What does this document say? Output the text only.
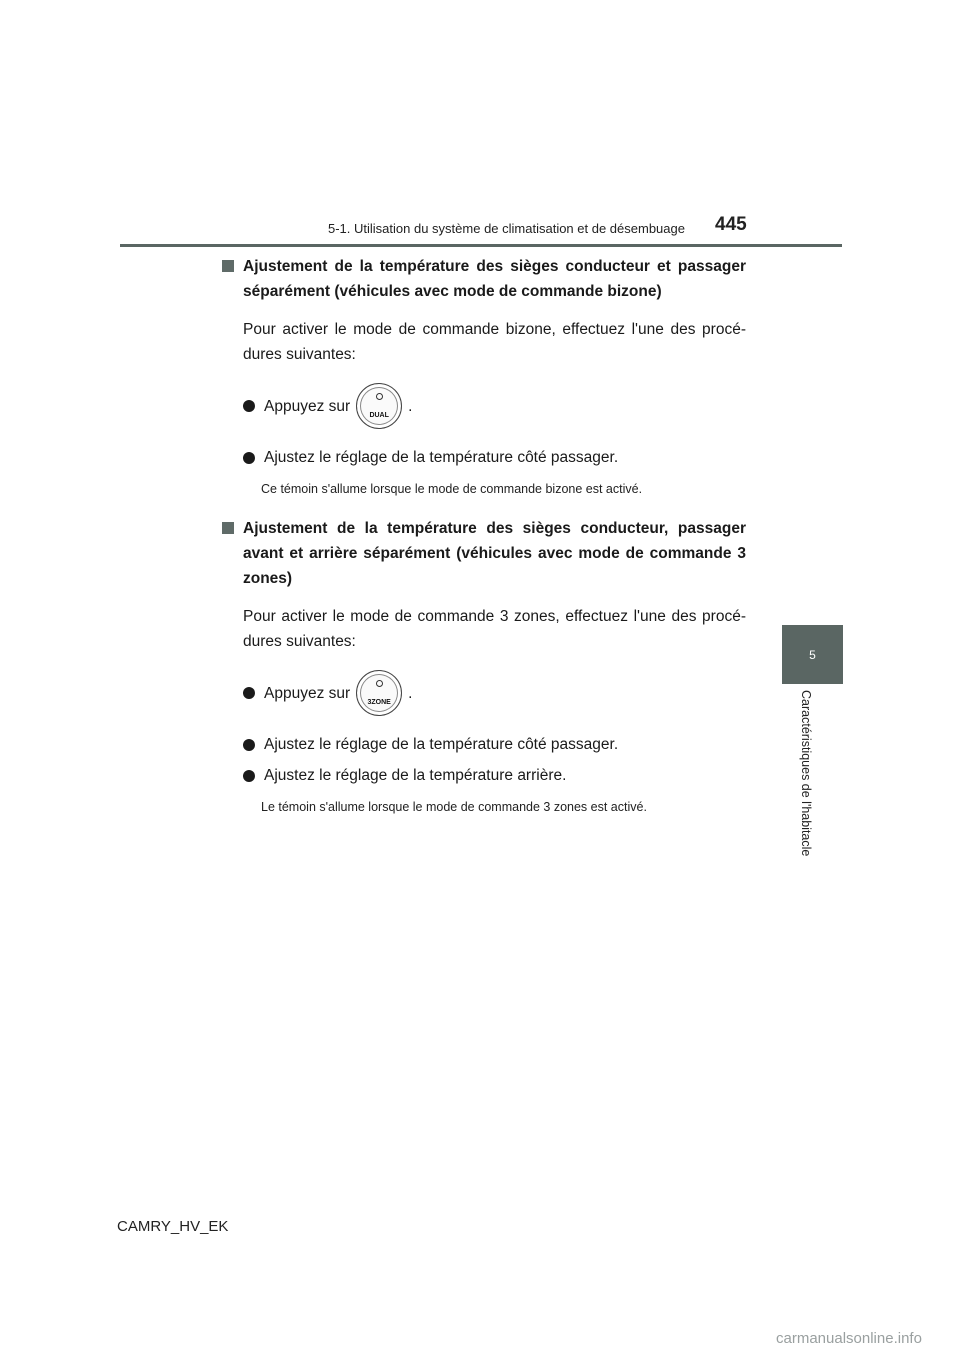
5-1. Utilisation du système de climatisation et de désembuage 445
5
Caractéristiques de l'habitacle
Ajustement de la température des sièges conducteur et passager séparément (véhicules avec mode de commande bizone)
Pour activer le mode de commande bizone, effectuez l'une des procé-dures suivantes:
Appuyez sur
DUAL
.
Ajustez le réglage de la température côté passager.
Ce témoin s'allume lorsque le mode de commande bizone est activé.
Ajustement de la température des sièges conducteur, passager avant et arrière séparément (véhicules avec mode de commande 3 zones)
Pour activer le mode de commande 3 zones, effectuez l'une des procé-dures suivantes:
Appuyez sur
3ZONE
.
Ajustez le réglage de la température côté passager.
Ajustez le réglage de la température arrière.
Le témoin s'allume lorsque le mode de commande 3 zones est activé.
CAMRY_HV_EK
carmanualsonline.info
